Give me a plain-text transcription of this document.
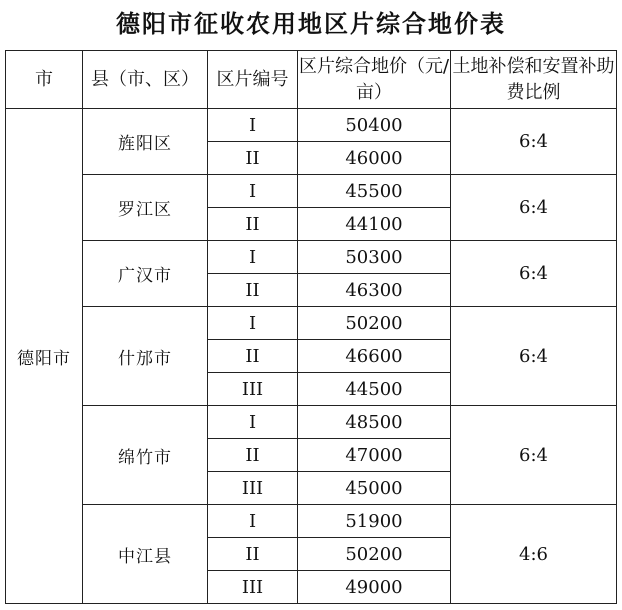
德阳市征收农用地区片综合地价表
市	县（市、区）	区片编号	区片综合地价（元/亩）	土地补偿和安置补助费比例
德阳市	旌阳区	I	50400	6:4
		II	46000	
	罗江区	I	45500	6:4
		II	44100	
	广汉市	I	50300	6:4
		II	46300	
	什邡市	I	50200	6:4
		II	46600	
		III	44500	
	绵竹市	I	48500	6:4
		II	47000	
		III	45000	
	中江县	I	51900	4:6
		II	50200	
		III	49000	
